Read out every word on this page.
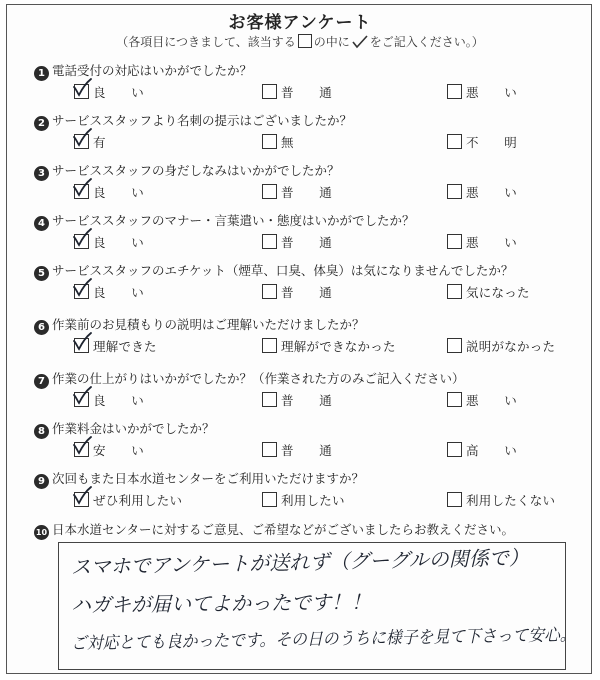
お客様アンケート
（各項目につきまして、該当する の中に をご記入ください。）
1 電話受付の対応はいかがでしたか？
良　　い	普　　通	悪　　い
2 サービススタッフより名刺の提示はございましたか？
有	無	不　　明
3 サービススタッフの身だしなみはいかがでしたか？
良　　い	普　　通	悪　　い
4 サービススタッフのマナー・言葉遣い・態度はいかがでしたか？
良　　い	普　　通	悪　　い
5 サービススタッフのエチケット（煙草、口臭、体臭）は気になりませんでしたか？
良　　い	普　　通	気になった
6 作業前のお見積もりの説明はご理解いただけましたか？
理解できた	理解ができなかった	説明がなかった
7 作業の仕上がりはいかがでしたか？（作業された方のみご記入ください）
良　　い	普　　通	悪　　い
8 作業料金はいかがでしたか？
安　　い	普　　通	高　　い
9 次回もまた日本水道センターをご利用いただけますか？
ぜひ利用したい	利用したい	利用したくない
10 日本水道センターに対するご意見、ご希望などがございましたらお教えください。
スマホでアンケートが送れず（グーグルの関係で）
ハガキが届いてよかったです！！
ご対応とても良かったです。その日のうちに様子を見て下さって安心。
